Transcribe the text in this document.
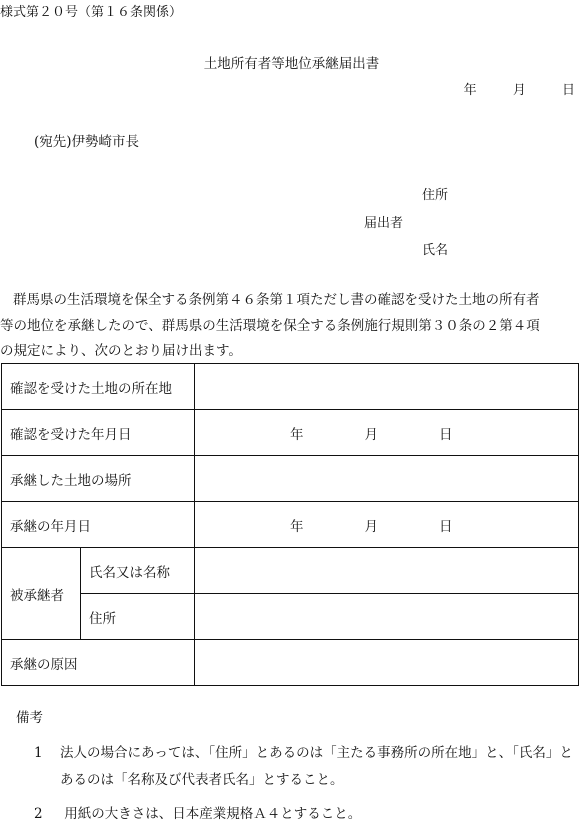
様式第２０号（第１６条関係）
土地所有者等地位承継届出書
年	月	日
(宛先)伊勢崎市長
住所
届出者
氏名

群馬県の生活環境を保全する条例第４６条第１項ただし書の確認を受けた土地の所有者

等の地位を承継したので、群馬県の生活環境を保全する条例施行規則第３０条の２第４項

の規定により、次のとおり届け出ます。

確認を受けた土地の所在地		
確認を受けた年月日		年 月 日

承継した土地の場所		
承継の年月日		年 月 日

被承継者	氏名又は名称	
	住所	
承継の原因		
備考
1 法人の場合にあっては、「住所」とあるのは「主たる事務所の所在地」と、「氏名」とあるのは「名称及び代表者氏名」とすること。
2 用紙の大きさは、日本産業規格Ａ４とすること。
